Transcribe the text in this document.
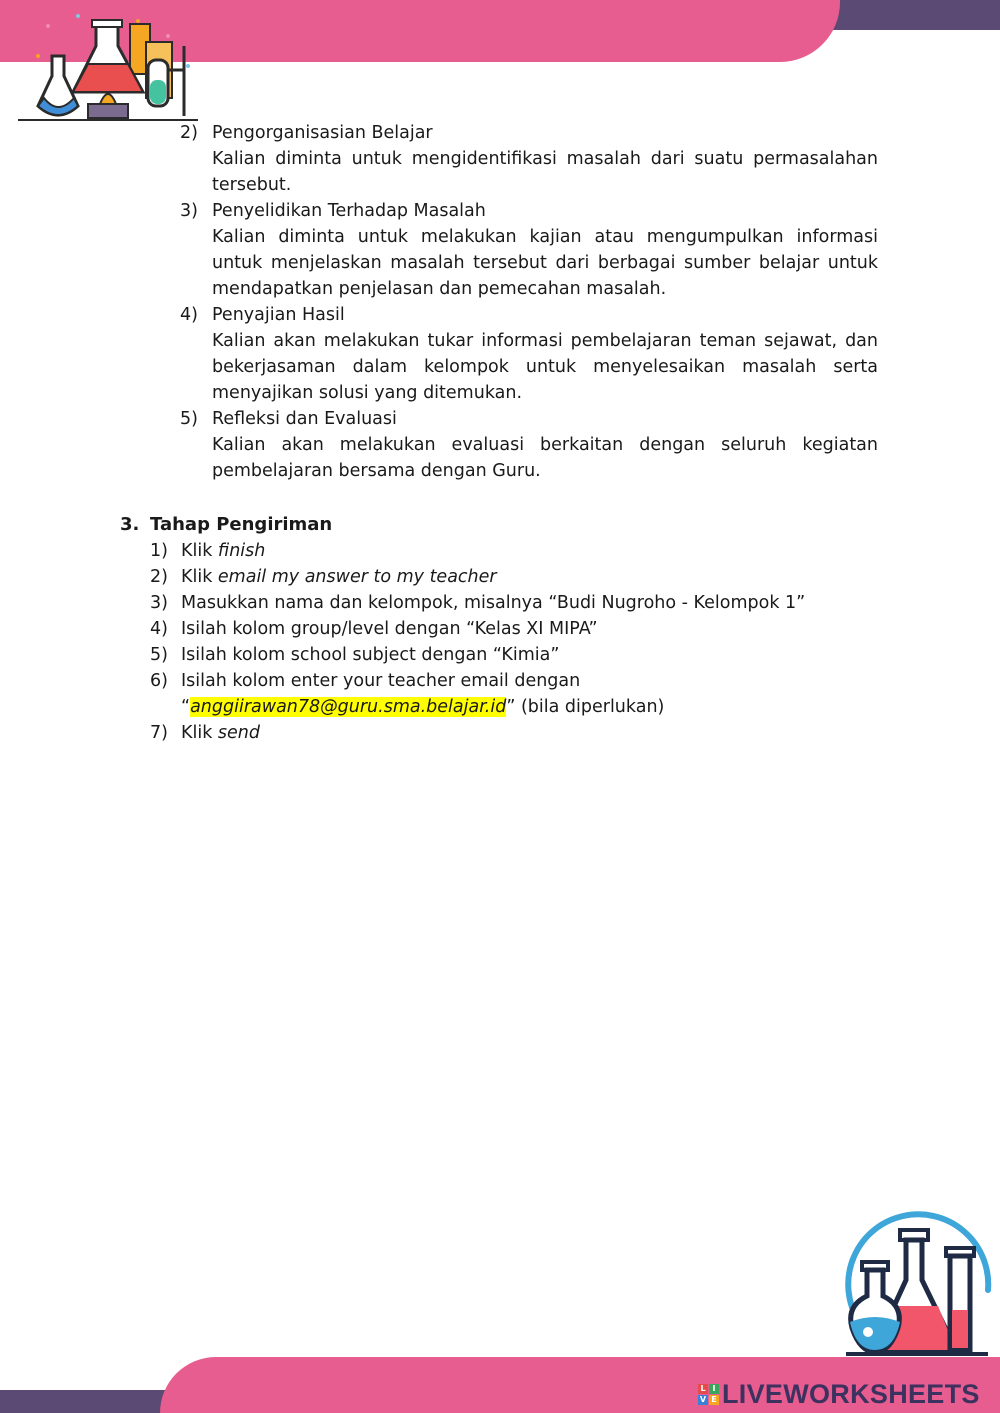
2) Pengorganisasian Belajar
Kalian diminta untuk mengidentifikasi masalah dari suatu permasalahan tersebut.
3) Penyelidikan Terhadap Masalah
Kalian diminta untuk melakukan kajian atau mengumpulkan informasi untuk menjelaskan masalah tersebut dari berbagai sumber belajar untuk mendapatkan penjelasan dan pemecahan masalah.
4) Penyajian Hasil
Kalian akan melakukan tukar informasi pembelajaran teman sejawat, dan bekerjasaman dalam kelompok untuk menyelesaikan masalah serta menyajikan solusi yang ditemukan.
5) Refleksi dan Evaluasi
Kalian akan melakukan evaluasi berkaitan dengan seluruh kegiatan pembelajaran bersama dengan Guru.
3. Tahap Pengiriman
1) Klik finish
2) Klik email my answer to my teacher
3) Masukkan nama dan kelompok, misalnya “Budi Nugroho - Kelompok 1”
4) Isilah kolom group/level dengan “Kelas XI MIPA”
5) Isilah kolom school subject dengan “Kimia”
6) Isilah kolom enter your teacher email dengan
“anggiirawan78@guru.sma.belajar.id” (bila diperlukan)
7) Klik send
L I
V E LIVEWORKSHEETS
